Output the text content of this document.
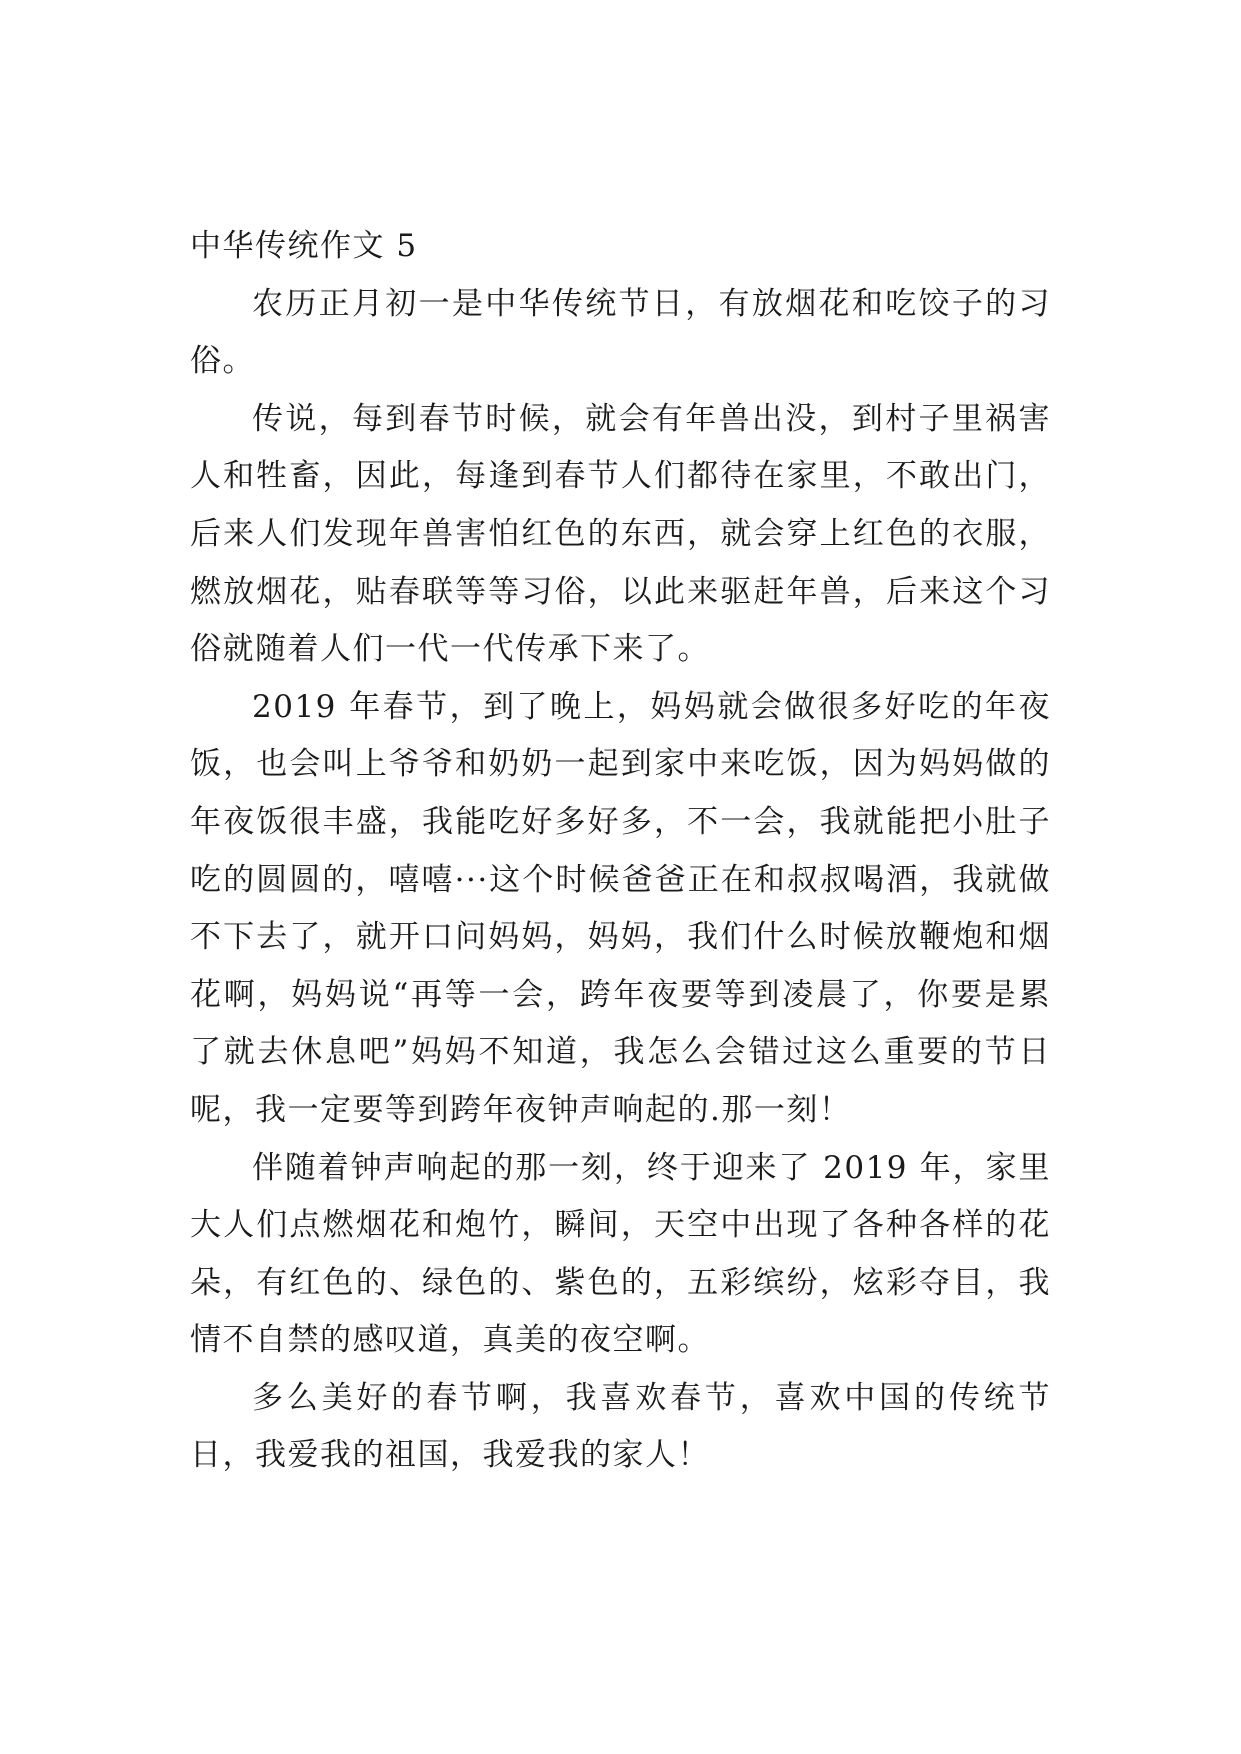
中华传统作文 5

农历正月初一是中华传统节日，有放烟花和吃饺子的习俗。

传说，每到春节时候，就会有年兽出没，到村子里祸害人和牲畜，因此，每逢到春节人们都待在家里，不敢出门，后来人们发现年兽害怕红色的东西，就会穿上红色的衣服，燃放烟花，贴春联等等习俗，以此来驱赶年兽，后来这个习俗就随着人们一代一代传承下来了。

2019 年春节，到了晚上，妈妈就会做很多好吃的年夜饭，也会叫上爷爷和奶奶一起到家中来吃饭，因为妈妈做的年夜饭很丰盛，我能吃好多好多，不一会，我就能把小肚子吃的圆圆的，嘻嘻···这个时候爸爸正在和叔叔喝酒，我就做不下去了，就开口问妈妈，妈妈，我们什么时候放鞭炮和烟花啊，妈妈说“再等一会，跨年夜要等到凌晨了，你要是累了就去休息吧”妈妈不知道，我怎么会错过这么重要的节日呢，我一定要等到跨年夜钟声响起的.那一刻！

伴随着钟声响起的那一刻，终于迎来了 2019 年，家里大人们点燃烟花和炮竹，瞬间，天空中出现了各种各样的花朵，有红色的、绿色的、紫色的，五彩缤纷，炫彩夺目，我情不自禁的感叹道，真美的夜空啊。

多么美好的春节啊，我喜欢春节，喜欢中国的传统节日，我爱我的祖国，我爱我的家人！
